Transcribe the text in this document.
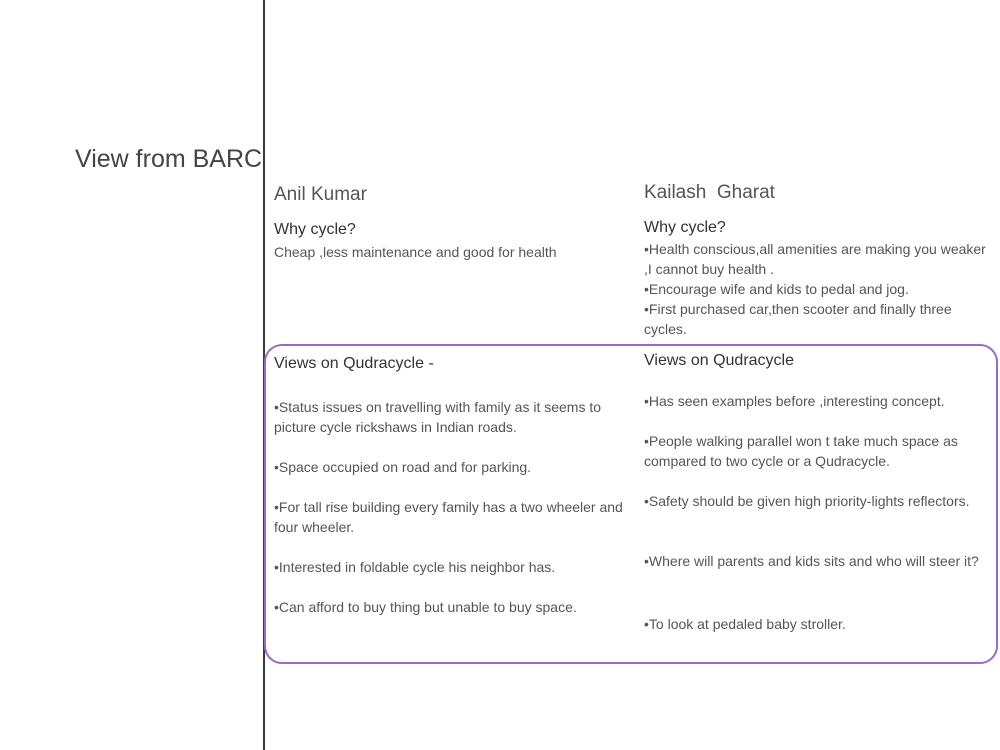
View from BARC
Anil Kumar
Why cycle?
Cheap ,less maintenance and good for health
Views on Qudracycle -
•Status issues on travelling with family as it seems to picture cycle rickshaws in Indian roads.
•Space occupied on road and for parking.
•For tall rise building every family has a two wheeler and four wheeler.
•Interested in foldable cycle his neighbor has.
•Can afford to buy thing but unable to buy space.
Kailash  Gharat
Why cycle?
•Health conscious,all amenities are making you weaker ,I cannot buy health .
•Encourage wife and kids to pedal and jog.
•First purchased car,then scooter and finally three cycles.
Views on Qudracycle
•Has seen examples before ,interesting concept.
•People walking parallel won t take much space as compared to two cycle or a Qudracycle.
•Safety should be given high priority-lights reflectors.
•Where will parents and kids sits and who will steer it?
•To look at pedaled baby stroller.
